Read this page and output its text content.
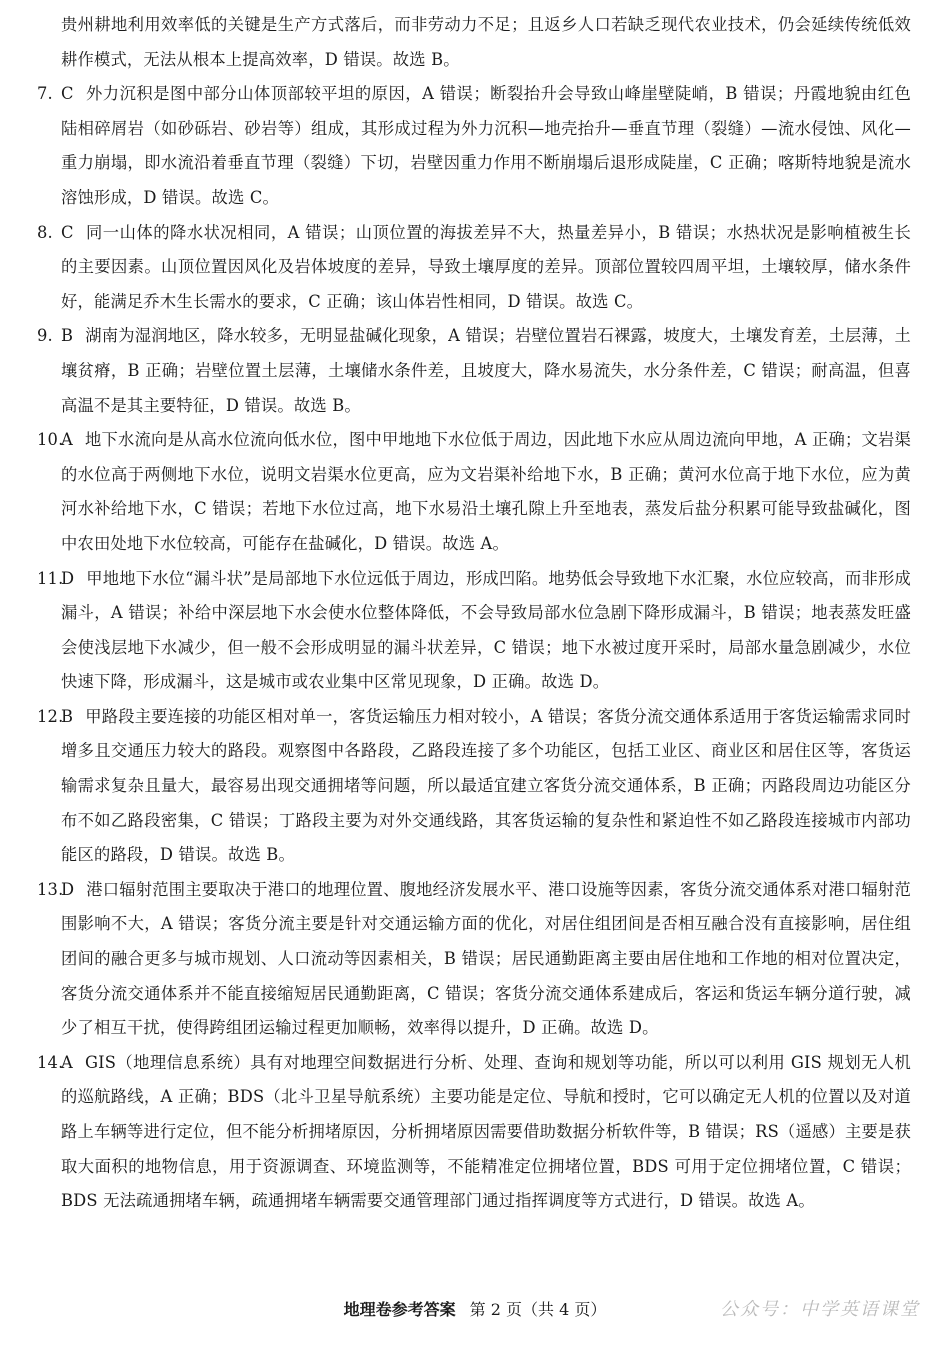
贵州耕地利用效率低的关键是生产方式落后，而非劳动力不足；且返乡人口若缺乏现代农业技术，仍会延续传统低效耕作模式，无法从根本上提高效率，D 错误。故选 B。

7. C 外力沉积是图中部分山体顶部较平坦的原因，A 错误；断裂抬升会导致山峰崖壁陡峭，B 错误；丹霞地貌由红色陆相碎屑岩（如砂砾岩、砂岩等）组成，其形成过程为外力沉积—地壳抬升—垂直节理（裂缝）—流水侵蚀、风化—重力崩塌，即水流沿着垂直节理（裂缝）下切，岩壁因重力作用不断崩塌后退形成陡崖，C 正确；喀斯特地貌是流水溶蚀形成，D 错误。故选 C。

8. C 同一山体的降水状况相同，A 错误；山顶位置的海拔差异不大，热量差异小，B 错误；水热状况是影响植被生长的主要因素。山顶位置因风化及岩体坡度的差异，导致土壤厚度的差异。顶部位置较四周平坦，土壤较厚，储水条件好，能满足乔木生长需水的要求，C 正确；该山体岩性相同，D 错误。故选 C。

9. B 湖南为湿润地区，降水较多，无明显盐碱化现象，A 错误；岩壁位置岩石裸露，坡度大，土壤发育差，土层薄，土壤贫瘠，B 正确；岩壁位置土层薄，土壤储水条件差，且坡度大，降水易流失，水分条件差，C 错误；耐高温，但喜高温不是其主要特征，D 错误。故选 B。

10.A 地下水流向是从高水位流向低水位，图中甲地地下水位低于周边，因此地下水应从周边流向甲地，A 正确；文岩渠的水位高于两侧地下水位，说明文岩渠水位更高，应为文岩渠补给地下水，B 正确；黄河水位高于地下水位，应为黄河水补给地下水，C 错误；若地下水位过高，地下水易沿土壤孔隙上升至地表，蒸发后盐分积累可能导致盐碱化，图中农田处地下水位较高，可能存在盐碱化，D 错误。故选 A。

11.D 甲地地下水位“漏斗状”是局部地下水位远低于周边，形成凹陷。地势低会导致地下水汇聚，水位应较高，而非形成漏斗，A 错误；补给中深层地下水会使水位整体降低，不会导致局部水位急剧下降形成漏斗，B 错误；地表蒸发旺盛会使浅层地下水减少，但一般不会形成明显的漏斗状差异，C 错误；地下水被过度开采时，局部水量急剧减少，水位快速下降，形成漏斗，这是城市或农业集中区常见现象，D 正确。故选 D。

12.B 甲路段主要连接的功能区相对单一，客货运输压力相对较小，A 错误；客货分流交通体系适用于客货运输需求同时增多且交通压力较大的路段。观察图中各路段，乙路段连接了多个功能区，包括工业区、商业区和居住区等，客货运输需求复杂且量大，最容易出现交通拥堵等问题，所以最适宜建立客货分流交通体系，B 正确；丙路段周边功能区分布不如乙路段密集，C 错误；丁路段主要为对外交通线路，其客货运输的复杂性和紧迫性不如乙路段连接城市内部功能区的路段，D 错误。故选 B。

13.D 港口辐射范围主要取决于港口的地理位置、腹地经济发展水平、港口设施等因素，客货分流交通体系对港口辐射范围影响不大，A 错误；客货分流主要是针对交通运输方面的优化，对居住组团间是否相互融合没有直接影响，居住组团间的融合更多与城市规划、人口流动等因素相关，B 错误；居民通勤距离主要由居住地和工作地的相对位置决定，客货分流交通体系并不能直接缩短居民通勤距离，C 错误；客货分流交通体系建成后，客运和货运车辆分道行驶，减少了相互干扰，使得跨组团运输过程更加顺畅，效率得以提升，D 正确。故选 D。

14.A GIS（地理信息系统）具有对地理空间数据进行分析、处理、查询和规划等功能，所以可以利用 GIS 规划无人机的巡航路线，A 正确；BDS（北斗卫星导航系统）主要功能是定位、导航和授时，它可以确定无人机的位置以及对道路上车辆等进行定位，但不能分析拥堵原因，分析拥堵原因需要借助数据分析软件等，B 错误；RS（遥感）主要是获取大面积的地物信息，用于资源调查、环境监测等，不能精准定位拥堵位置，BDS 可用于定位拥堵位置，C 错误；BDS 无法疏通拥堵车辆，疏通拥堵车辆需要交通管理部门通过指挥调度等方式进行，D 错误。故选 A。

地理卷参考答案 第 2 页（共 4 页）	公众号：中学英语课堂
